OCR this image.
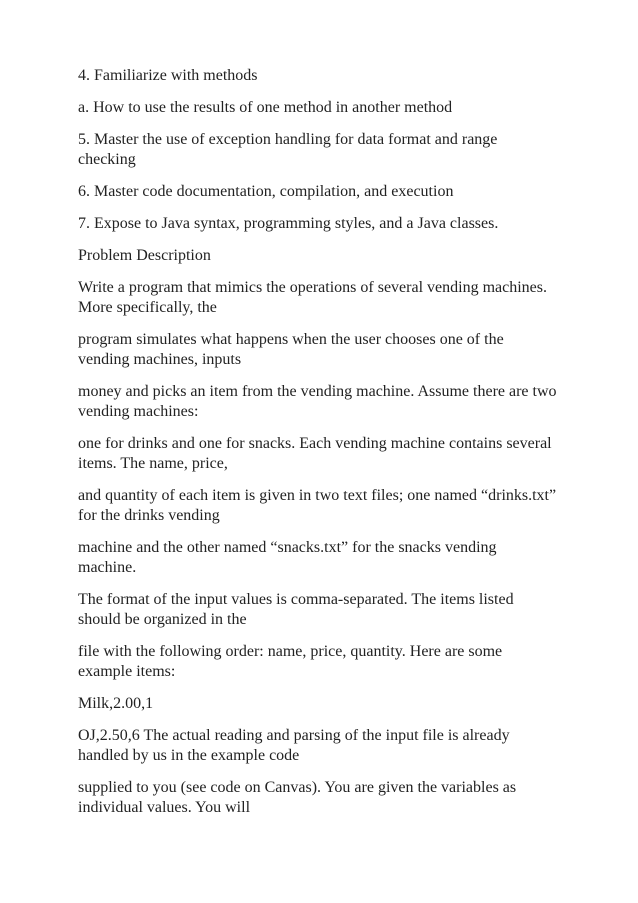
4. Familiarize with methods

a. How to use the results of one method in another method

5. Master the use of exception handling for data format and range checking

6. Master code documentation, compilation, and execution

7. Expose to Java syntax, programming styles, and a Java classes.

Problem Description

Write a program that mimics the operations of several vending machines. More specifically, the

program simulates what happens when the user chooses one of the vending machines, inputs

money and picks an item from the vending machine. Assume there are two vending machines:

one for drinks and one for snacks. Each vending machine contains several items. The name, price,

and quantity of each item is given in two text files; one named “drinks.txt” for the drinks vending

machine and the other named “snacks.txt” for the snacks vending machine.

The format of the input values is comma-separated. The items listed should be organized in the

file with the following order: name, price, quantity. Here are some example items:

Milk,2.00,1

OJ,2.50,6 The actual reading and parsing of the input file is already handled by us in the example code

supplied to you (see code on Canvas). You are given the variables as individual values. You will
